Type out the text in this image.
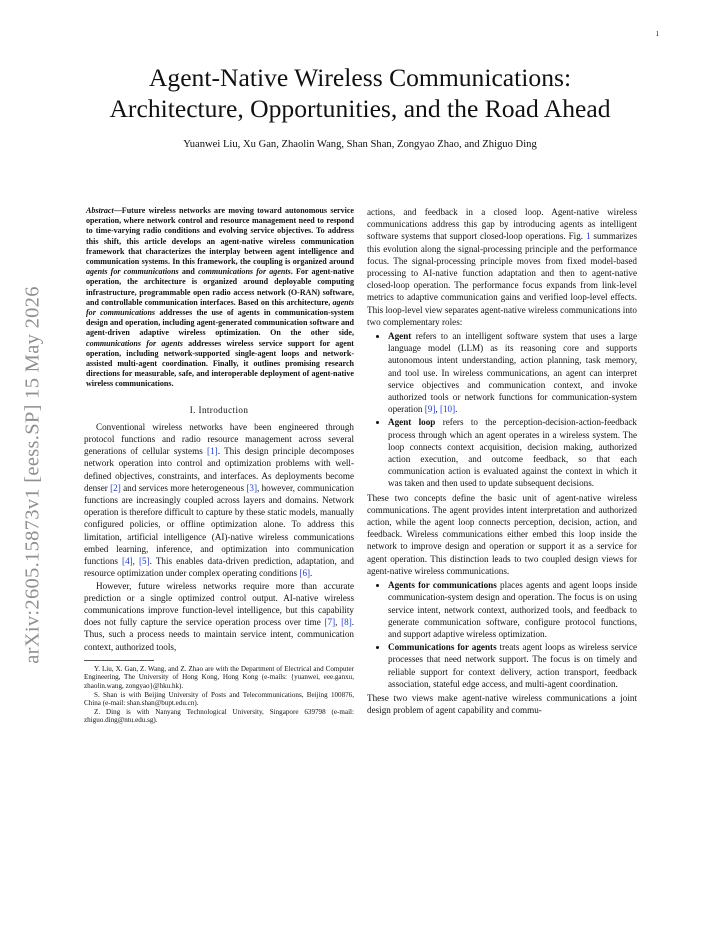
1
arXiv:2605.15873v1 [eess.SP] 15 May 2026
Agent-Native Wireless Communications:
Architecture, Opportunities, and the Road Ahead
Yuanwei Liu, Xu Gan, Zhaolin Wang, Shan Shan, Zongyao Zhao, and Zhiguo Ding

Abstract—Future wireless networks are moving toward autonomous service operation, where network control and resource management need to respond to time-varying radio conditions and evolving service objectives. To address this shift, this article develops an agent-native wireless communication framework that characterizes the interplay between agent intelligence and communication systems. In this framework, the coupling is organized around agents for communications and communications for agents. For agent-native operation, the architecture is organized around deployable computing infrastructure, programmable open radio access network (O-RAN) software, and controllable communication interfaces. Based on this architecture, agents for communications addresses the use of agents in communication-system design and operation, including agent-generated communication software and agent-driven adaptive wireless optimization. On the other side, communications for agents addresses wireless service support for agent operation, including network-supported single-agent loops and network-assisted multi-agent coordination. Finally, it outlines promising research directions for measurable, safe, and interoperable deployment of agent-native wireless communications.

I. Introduction

Conventional wireless networks have been engineered through protocol functions and radio resource management across several generations of cellular systems [1]. This design principle decomposes network operation into control and optimization problems with well-defined objectives, constraints, and interfaces. As deployments become denser [2] and services more heterogeneous [3], however, communication functions are increasingly coupled across layers and domains. Network operation is therefore difficult to capture by these static models, manually configured policies, or offline optimization alone. To address this limitation, artificial intelligence (AI)-native wireless communications embed learning, inference, and optimization into communication functions [4], [5]. This enables data-driven prediction, adaptation, and resource optimization under complex operating conditions [6].

However, future wireless networks require more than accurate prediction or a single optimized control output. AI-native wireless communications improve function-level intelligence, but this capability does not fully capture the service operation process over time [7], [8]. Thus, such a process needs to maintain service intent, communication context, authorized tools,

Y. Liu, X. Gan, Z. Wang, and Z. Zhao are with the Department of Electrical and Computer Engineering, The University of Hong Kong, Hong Kong (e-mails: {yuanwei, eee.ganxu, zhaolin.wang, zongyao}@hku.hk).

S. Shan is with Beijing University of Posts and Telecommunications, Beijing 100876, China (e-mail: shan.shan@bupt.edu.cn).

Z. Ding is with Nanyang Technological University, Singapore 639798 (e-mail: zhiguo.ding@ntu.edu.sg).

actions, and feedback in a closed loop. Agent-native wireless communications address this gap by introducing agents as intelligent software systems that support closed-loop operations. Fig. 1 summarizes this evolution along the signal-processing principle and the performance focus. The signal-processing principle moves from fixed model-based processing to AI-native function adaptation and then to agent-native closed-loop operation. The performance focus expands from link-level metrics to adaptive communication gains and verified loop-level effects. This loop-level view separates agent-native wireless communications into two complementary roles:

• Agent refers to an intelligent software system that uses a large language model (LLM) as its reasoning core and supports autonomous intent understanding, action planning, task memory, and tool use. In wireless communications, an agent can interpret service objectives and communication context, and invoke authorized tools or network functions for communication-system operation [9], [10].
• Agent loop refers to the perception-decision-action-feedback process through which an agent operates in a wireless system. The loop connects context acquisition, decision making, authorized action execution, and outcome feedback, so that each communication action is evaluated against the context in which it was taken and then used to update subsequent decisions.

These two concepts define the basic unit of agent-native wireless communications. The agent provides intent interpretation and authorized action, while the agent loop connects perception, decision, action, and feedback. Wireless communications either embed this loop inside the network to improve design and operation or support it as a service for agent operation. This distinction leads to two coupled design views for agent-native wireless communications.

• Agents for communications places agents and agent loops inside communication-system design and operation. The focus is on using service intent, network context, authorized tools, and feedback to generate communication software, configure protocol functions, and support adaptive wireless optimization.
• Communications for agents treats agent loops as wireless service processes that need network support. The focus is on timely and reliable support for context delivery, action transport, feedback association, stateful edge access, and multi-agent coordination.

These two views make agent-native wireless communications a joint design problem of agent capability and commu-
